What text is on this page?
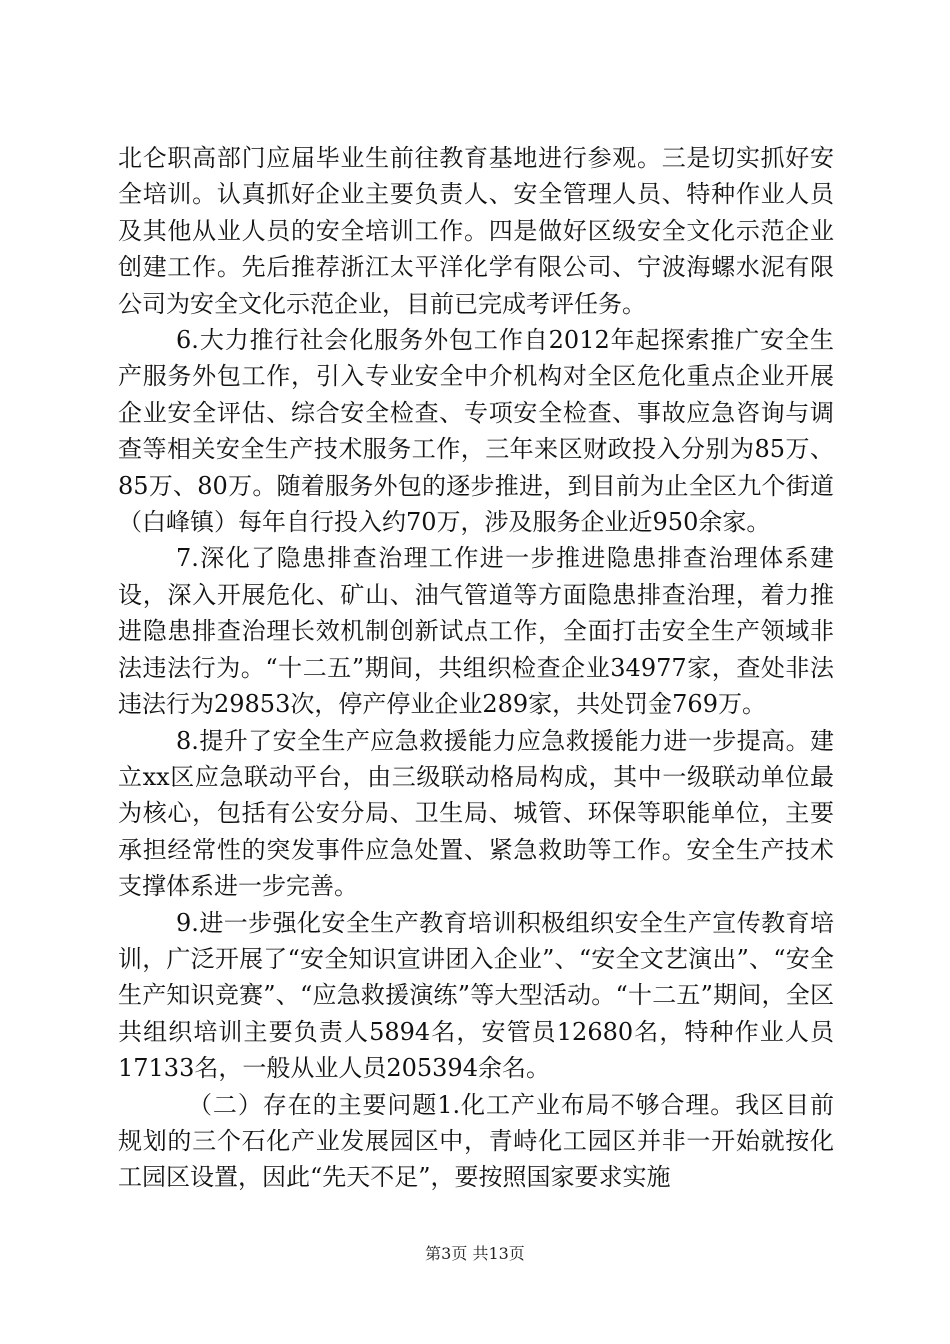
北仑职高部门应届毕业生前往教育基地进行参观。三是切实抓好安全培训。认真抓好企业主要负责人、安全管理人员、特种作业人员及其他从业人员的安全培训工作。四是做好区级安全文化示范企业创建工作。先后推荐浙江太平洋化学有限公司、宁波海螺水泥有限公司为安全文化示范企业，目前已完成考评任务。

6.大力推行社会化服务外包工作自2012年起探索推广安全生产服务外包工作，引入专业安全中介机构对全区危化重点企业开展企业安全评估、综合安全检查、专项安全检查、事故应急咨询与调查等相关安全生产技术服务工作，三年来区财政投入分别为85万、85万、80万。随着服务外包的逐步推进，到目前为止全区九个街道（白峰镇）每年自行投入约70万，涉及服务企业近950余家。

7.深化了隐患排查治理工作进一步推进隐患排查治理体系建设，深入开展危化、矿山、油气管道等方面隐患排查治理，着力推进隐患排查治理长效机制创新试点工作，全面打击安全生产领域非法违法行为。“十二五”期间，共组织检查企业34977家，查处非法违法行为29853次，停产停业企业289家，共处罚金769万。

8.提升了安全生产应急救援能力应急救援能力进一步提高。建立xx区应急联动平台，由三级联动格局构成，其中一级联动单位最为核心，包括有公安分局、卫生局、城管、环保等职能单位，主要承担经常性的突发事件应急处置、紧急救助等工作。安全生产技术支撑体系进一步完善。

9.进一步强化安全生产教育培训积极组织安全生产宣传教育培训，广泛开展了“安全知识宣讲团入企业”、“安全文艺演出”、“安全生产知识竞赛”、“应急救援演练”等大型活动。“十二五”期间，全区共组织培训主要负责人5894名，安管员12680名，特种作业人员17133名，一般从业人员205394余名。

（二）存在的主要问题1.化工产业布局不够合理。我区目前规划的三个石化产业发展园区中，青峙化工园区并非一开始就按化工园区设置，因此“先天不足”，要按照国家要求实施

第3页 共13页
